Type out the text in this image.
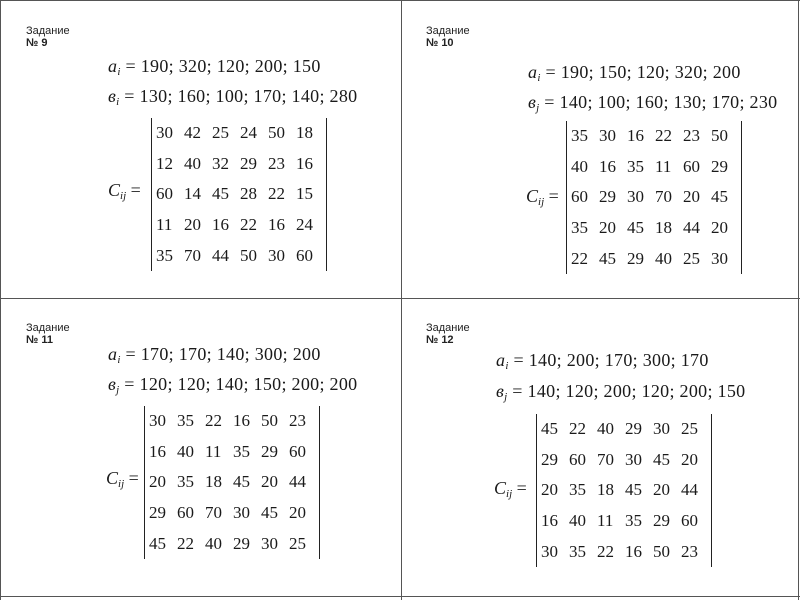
Задание № 9
$a_i = 190$; 320; 120; 200; 150
$в_i = 130$; 160; 100; 170; 140; 280
$C_{ij}$ =
30 42 25 24 50 18
12 40 32 29 23 16
60 14 45 28 22 15
11 20 16 22 16 24
35 70 44 50 30 60
Задание № 10
$a_i = 190$; 150; 120; 320; 200
$в_j = 140$; 100; 160; 130; 170; 230
$C_{ij}$ =
35 30 16 22 23 50
40 16 35 11 60 29
60 29 30 70 20 45
35 20 45 18 44 20
22 45 29 40 25 30
Задание № 11
$a_i = 170$; 170; 140; 300; 200
$в_j = 120$; 120; 140; 150; 200; 200
$C_{ij}$ =
30 35 22 16 50 23
16 40 11 35 29 60
20 35 18 45 20 44
29 60 70 30 45 20
45 22 40 29 30 25
Задание № 12
$a_i = 140$; 200; 170; 300; 170
$в_j = 140$; 120; 200; 120; 200; 150
$C_{ij}$ =
45 22 40 29 30 25
29 60 70 30 45 20
20 35 18 45 20 44
16 40 11 35 29 60
30 35 22 16 50 23
